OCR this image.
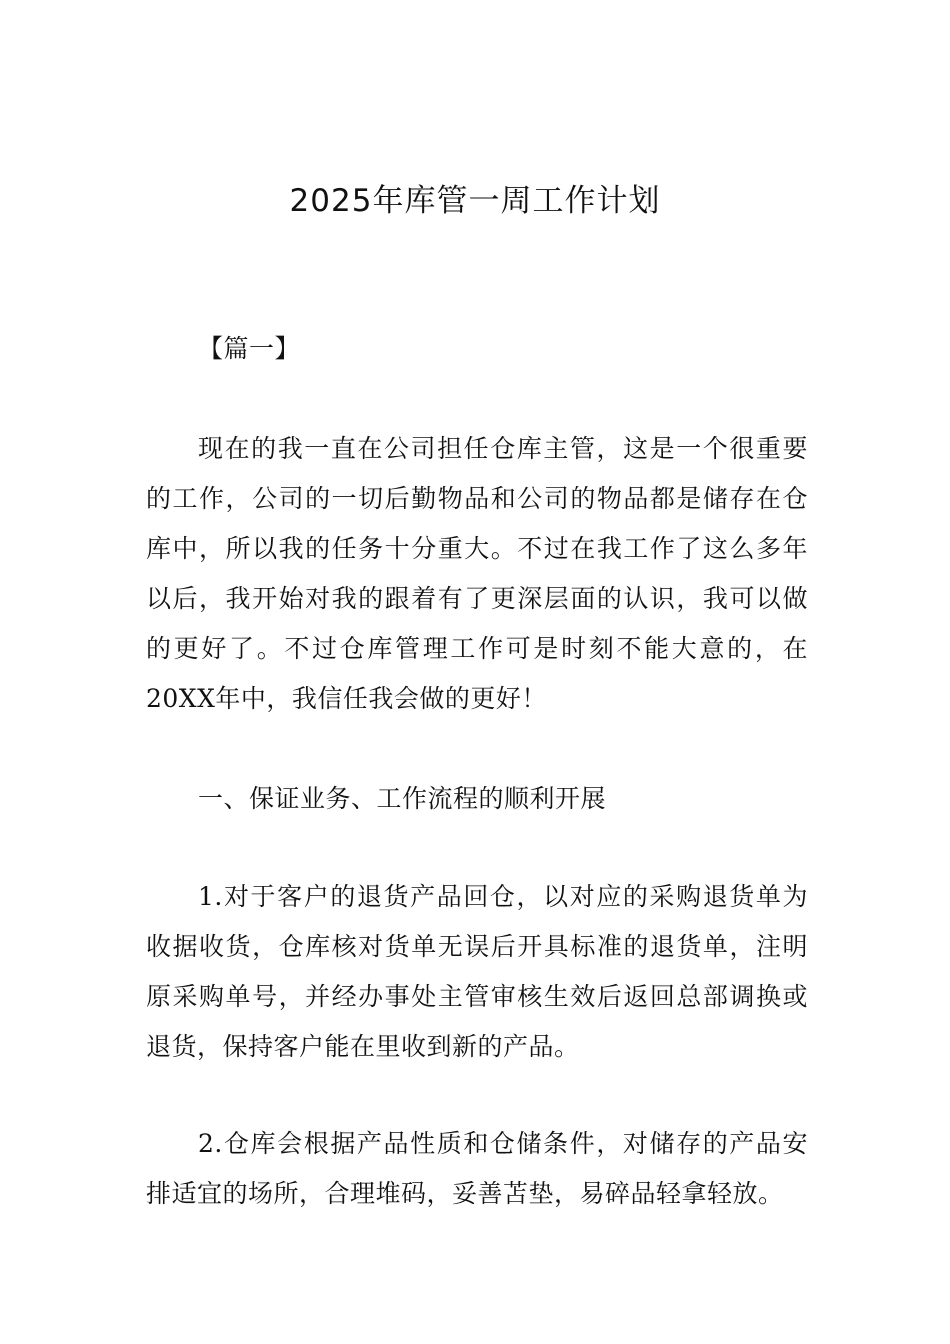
2025年库管一周工作计划

【篇一】

现在的我一直在公司担任仓库主管，这是一个很重要的工作，公司的一切后勤物品和公司的物品都是储存在仓库中，所以我的任务十分重大。不过在我工作了这么多年以后，我开始对我的跟着有了更深层面的认识，我可以做的更好了。不过仓库管理工作可是时刻不能大意的，在20XX年中，我信任我会做的更好！

一、保证业务、工作流程的顺利开展

1.对于客户的退货产品回仓，以对应的采购退货单为收据收货，仓库核对货单无误后开具标准的退货单，注明原采购单号，并经办事处主管审核生效后返回总部调换或退货，保持客户能在里收到新的产品。

2.仓库会根据产品性质和仓储条件，对储存的产品安排适宜的场所，合理堆码，妥善苫垫，易碎品轻拿轻放。
